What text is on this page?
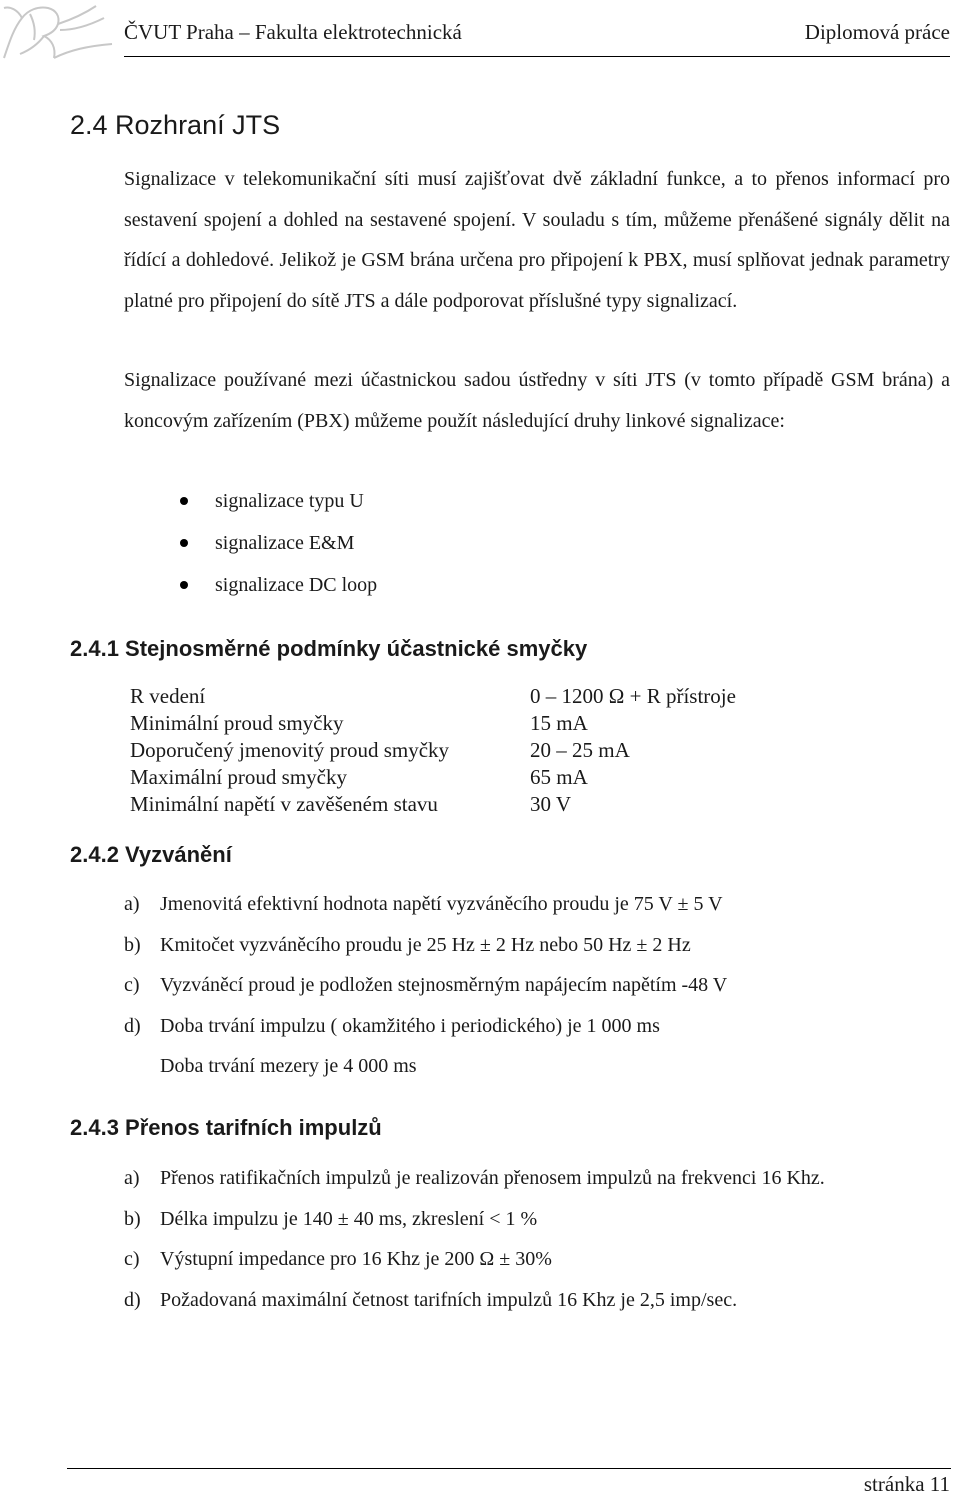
ČVUT Praha – Fakulta elektrotechnická	Diplomová práce
2.4 Rozhraní JTS

Signalizace v telekomunikační síti musí zajišťovat dvě základní funkce, a to přenos informací pro sestavení spojení a dohled na sestavené spojení. V souladu s tím, můžeme přenášené signály dělit na řídící a dohledové. Jelikož je GSM brána určena pro připojení k PBX, musí splňovat jednak parametry platné pro připojení do sítě JTS a dále podporovat příslušné typy signalizací.

Signalizace používané mezi účastnickou sadou ústředny v síti JTS (v tomto případě GSM brána) a koncovým zařízením (PBX) můžeme použít následující druhy linkové signalizace:

signalizace typu U
signalizace E&M
signalizace DC loop
2.4.1 Stejnosměrné podmínky účastnické smyčky
R vedení	0 – 1200 Ω + R přístroje
Minimální proud smyčky	15 mA
Doporučený jmenovitý proud smyčky	20 – 25 mA
Maximální proud smyčky	65 mA
Minimální napětí v zavěšeném stavu	30 V
2.4.2 Vyzvánění
a) Jmenovitá efektivní hodnota napětí vyzváněcího proudu je 75 V ± 5 V
b) Kmitočet vyzváněcího proudu je 25 Hz ± 2 Hz nebo 50 Hz ± 2 Hz
c) Vyzváněcí proud je podložen stejnosměrným napájecím napětím -48 V
d) Doba trvání impulzu ( okamžitého i periodického) je 1 000 ms
Doba trvání mezery je 4 000 ms
2.4.3 Přenos tarifních impulzů
a) Přenos ratifikačních impulzů je realizován přenosem impulzů na frekvenci 16 Khz.
b) Délka impulzu je 140 ± 40 ms, zkreslení < 1 %
c) Výstupní impedance pro 16 Khz je 200 Ω ± 30%
d) Požadovaná maximální četnost tarifních impulzů 16 Khz je 2,5 imp/sec.
stránka 11
